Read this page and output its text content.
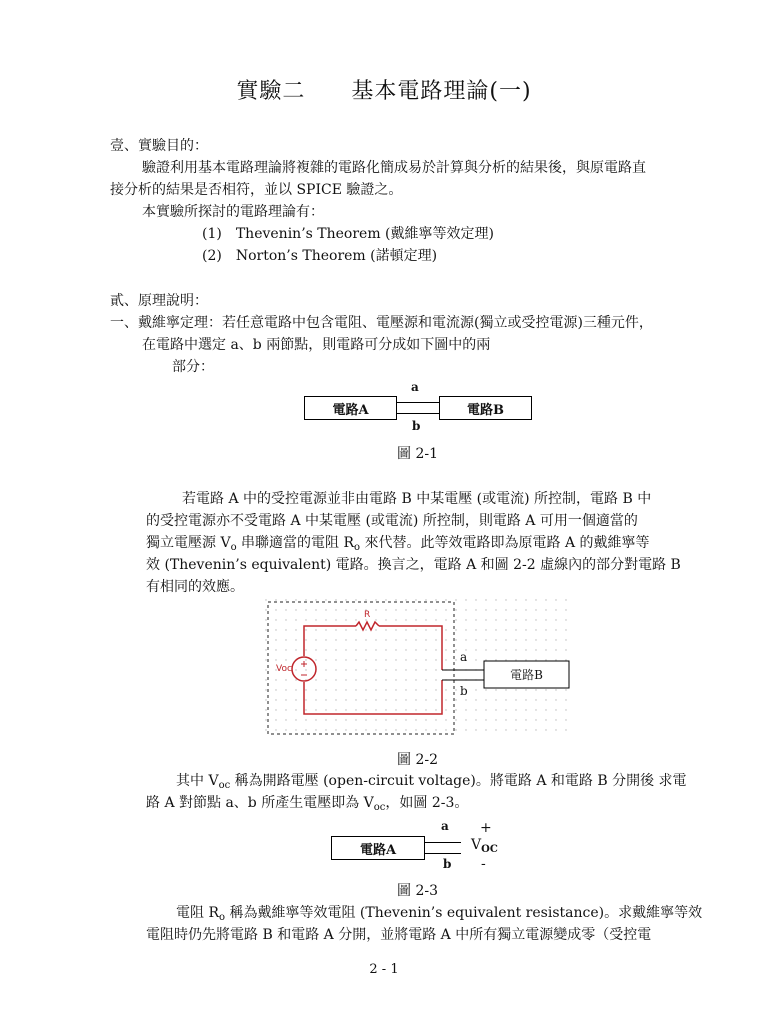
實驗二 基本電路理論(一)
壹、實驗目的：
驗證利用基本電路理論將複雜的電路化簡成易於計算與分析的結果後，與原電路直
接分析的結果是否相符，並以 SPICE 驗證之。
本實驗所探討的電路理論有：
(1) Thevenin’s Theorem (戴維寧等效定理)
(2) Norton’s Theorem (諾頓定理)
貳、原理說明：
一、戴維寧定理：若任意電路中包含電阻、電壓源和電流源(獨立或受控電源)三種元件，
在電路中選定 a、b 兩節點，則電路可分成如下圖中的兩
部分：
a
電路A	電路B
b
圖 2-1
若電路 A 中的受控電源並非由電路 B 中某電壓 (或電流) 所控制，電路 B 中
的受控電源亦不受電路 A 中某電壓 (或電流) 所控制，則電路 A 可用一個適當的
獨立電壓源 $V_o$ 串聯適當的電阻 $R_o$ 來代替。此等效電路即為原電路 A 的戴維寧等
效 (Thevenin’s equivalent) 電路。換言之，電路 A 和圖 2-2 虛線內的部分對電路 B
有相同的效應。
R
Voc
a
b
電路B
圖 2-2
其中 $V_{oc}$ 稱為開路電壓 (open-circuit voltage)。將電路 A 和電路 B 分開後 求電
路 A 對節點 a、b 所產生電壓即為 $V_{oc}$，如圖 2-3。
a +
電路A	$V_{OC}$
b -
圖 2-3
電阻 $R_o$ 稱為戴維寧等效電阻 (Thevenin’s equivalent resistance)。求戴維寧等效
電阻時仍先將電路 B 和電路 A 分開，並將電路 A 中所有獨立電源變成零（受控電
2 - 1
